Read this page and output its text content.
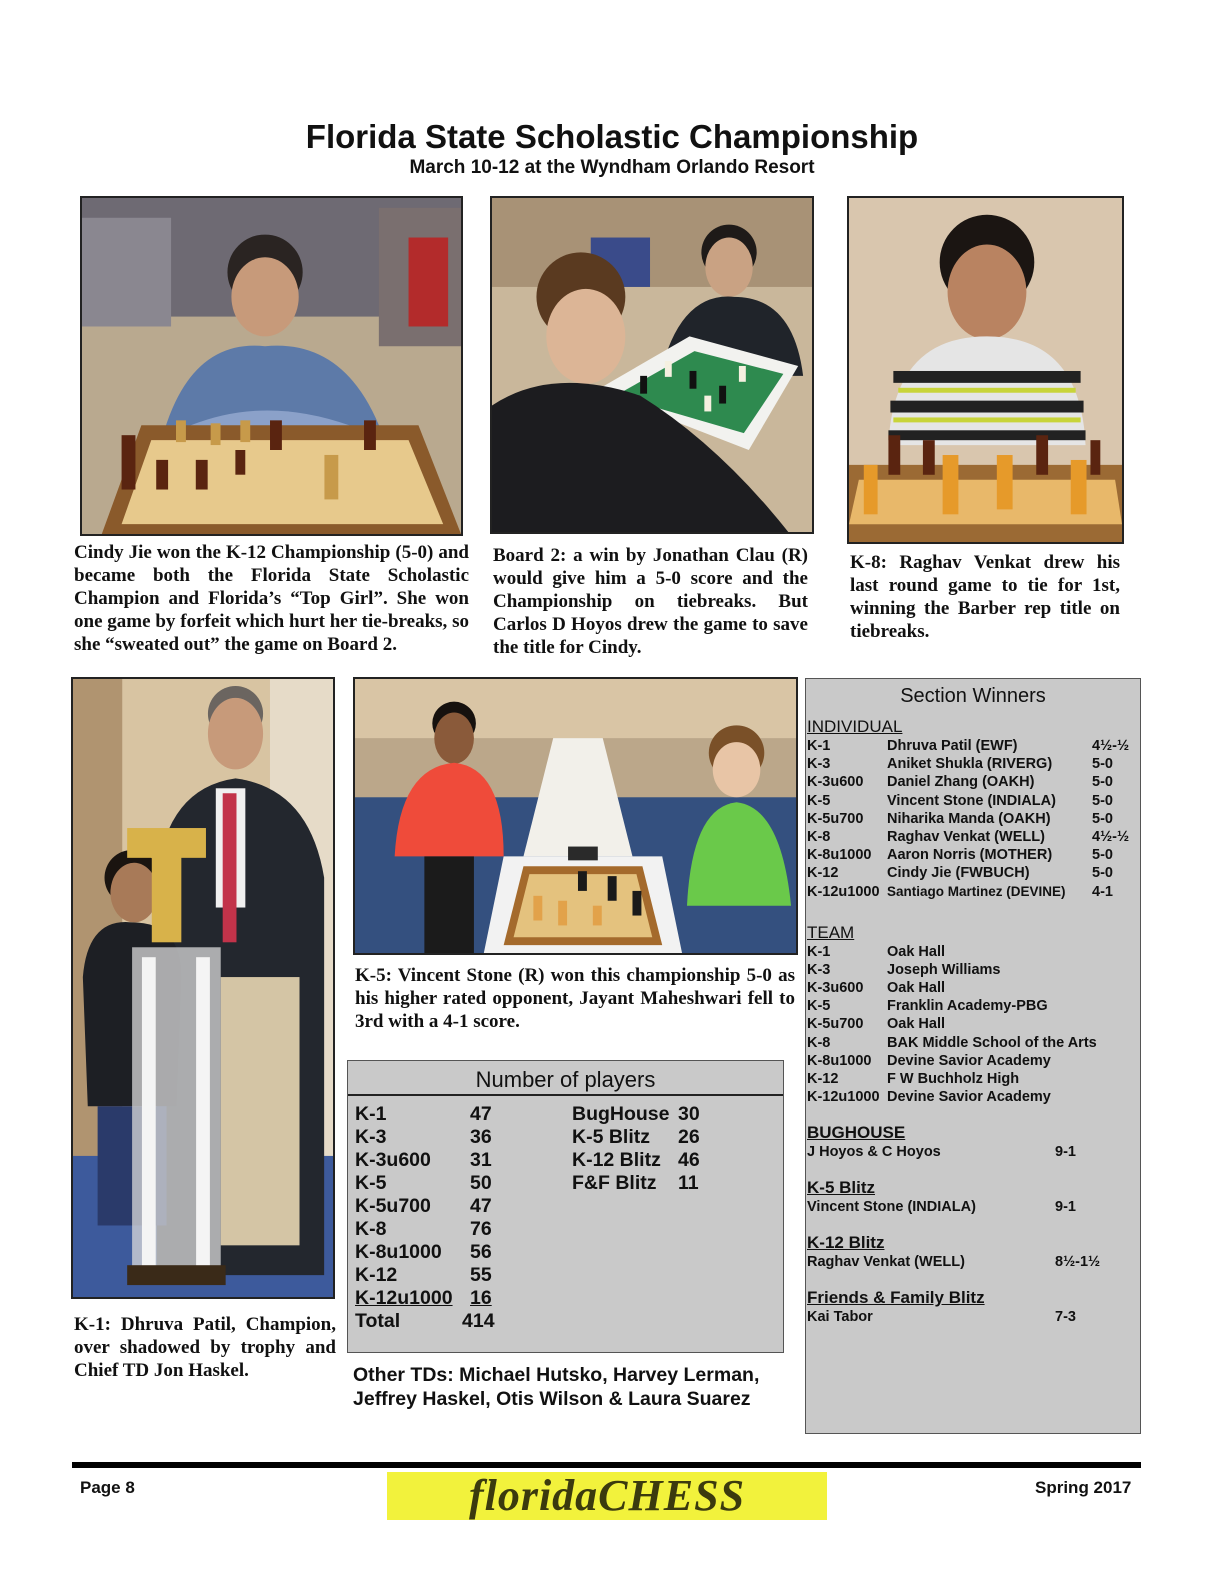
Florida State Scholastic Championship
March 10-12 at the Wyndham Orlando Resort
Cindy Jie won the K-12 Championship (5-0) and became both the Florida State Scholastic Champion and Florida’s “Top Girl”. She won one game by forfeit which hurt her tie-breaks, so she “sweated out” the game on Board 2.
Board 2: a win by Jonathan Clau (R) would give him a 5-0 score and the Championship on tiebreaks. But Carlos D Hoyos drew the game to save the title for Cindy.
K-8: Raghav Venkat drew his last round game to tie for 1st, winning the Barber rep title on tiebreaks.
K-1: Dhruva Patil, Champion, over shadowed by trophy and Chief TD Jon Haskel.
K-5: Vincent Stone (R) won this championship 5-0 as his higher rated opponent, Jayant Maheshwari fell to 3rd with a 4-1 score.
Section Winners
INDIVIDUAL
K-1	Dhruva Patil (EWF)	4½-½
K-3	Aniket Shukla (RIVERG)	5-0
K-3u600	Daniel Zhang (OAKH)	5-0
K-5	Vincent Stone (INDIALA)	5-0
K-5u700	Niharika Manda (OAKH)	5-0
K-8	Raghav Venkat (WELL)	4½-½
K-8u1000	Aaron Norris (MOTHER)	5-0
K-12	Cindy Jie (FWBUCH)	5-0
K-12u1000 Santiago Martinez (DEVINE)	4-1
TEAM
K-1	Oak Hall
K-3	Joseph Williams
K-3u600	Oak Hall
K-5	Franklin Academy-PBG
K-5u700	Oak Hall
K-8	BAK Middle School of the Arts
K-8u1000	Devine Savior Academy
K-12	F W Buchholz High
K-12u1000 Devine Savior Academy
BUGHOUSE
J Hoyos & C Hoyos	9-1
K-5 Blitz
Vincent Stone (INDIALA)	9-1
K-12 Blitz
Raghav Venkat (WELL)	8½-1½
Friends & Family Blitz
Kai Tabor	7-3
Number of players
K-1	47
K-3	36
K-3u600	31
K-5	50
K-5u700	47
K-8	76
K-8u1000	56
K-12	55
K-12u1000 16
Total	414
BugHouse 30
K-5 Blitz	26
K-12 Blitz 46
F&F Blitz	11
Other TDs: Michael Hutsko, Harvey Lerman,
Jeffrey Haskel, Otis Wilson & Laura Suarez
Page 8	floridaCHESS	Spring 2017
